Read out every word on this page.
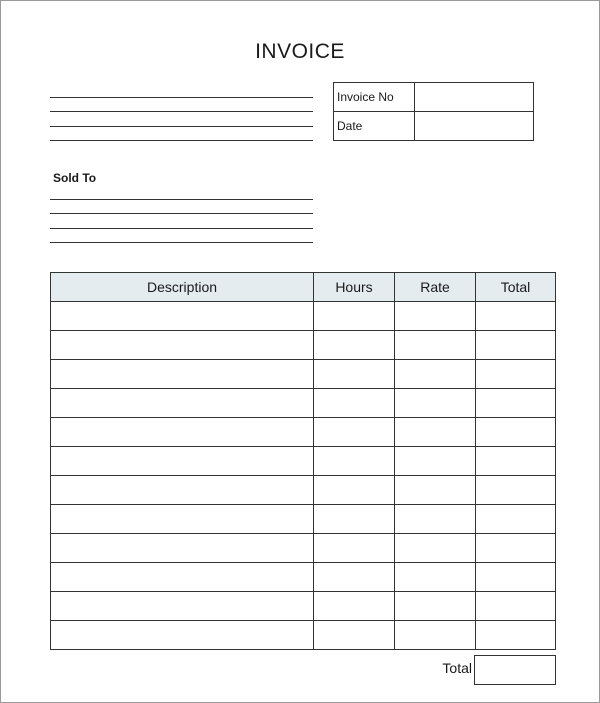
INVOICE
Invoice No	
Date	
Sold To
Description	Hours	Rate	Total

Total
